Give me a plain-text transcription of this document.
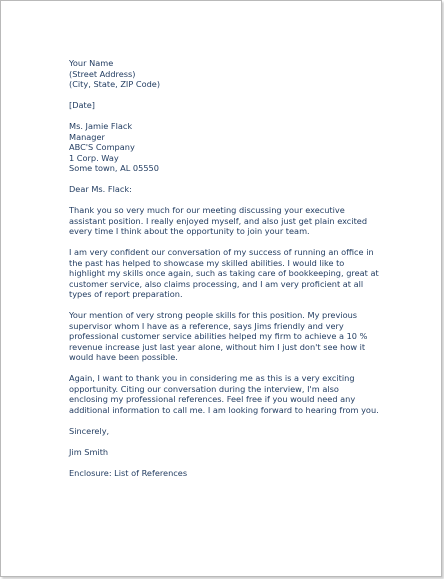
Your Name
(Street Address)
(City, State, ZIP Code)
[Date]
Ms. Jamie Flack
Manager
ABC'S Company
1 Corp. Way
Some town, AL 05550
Dear Ms. Flack:
Thank you so very much for our meeting discussing your executive assistant position. I really enjoyed myself, and also just get plain excited every time I think about the opportunity to join your team.
I am very confident our conversation of my success of running an office in the past has helped to showcase my skilled abilities. I would like to highlight my skills once again, such as taking care of bookkeeping, great at customer service, also claims processing, and I am very proficient at all types of report preparation.
Your mention of very strong people skills for this position. My previous supervisor whom I have as a reference, says Jims friendly and very professional customer service abilities helped my firm to achieve a 10 % revenue increase just last year alone, without him I just don't see how it would have been possible.
Again, I want to thank you in considering me as this is a very exciting opportunity. Citing our conversation during the interview, I'm also enclosing my professional references. Feel free if you would need any additional information to call me. I am looking forward to hearing from you.
Sincerely,
Jim Smith
Enclosure: List of References
